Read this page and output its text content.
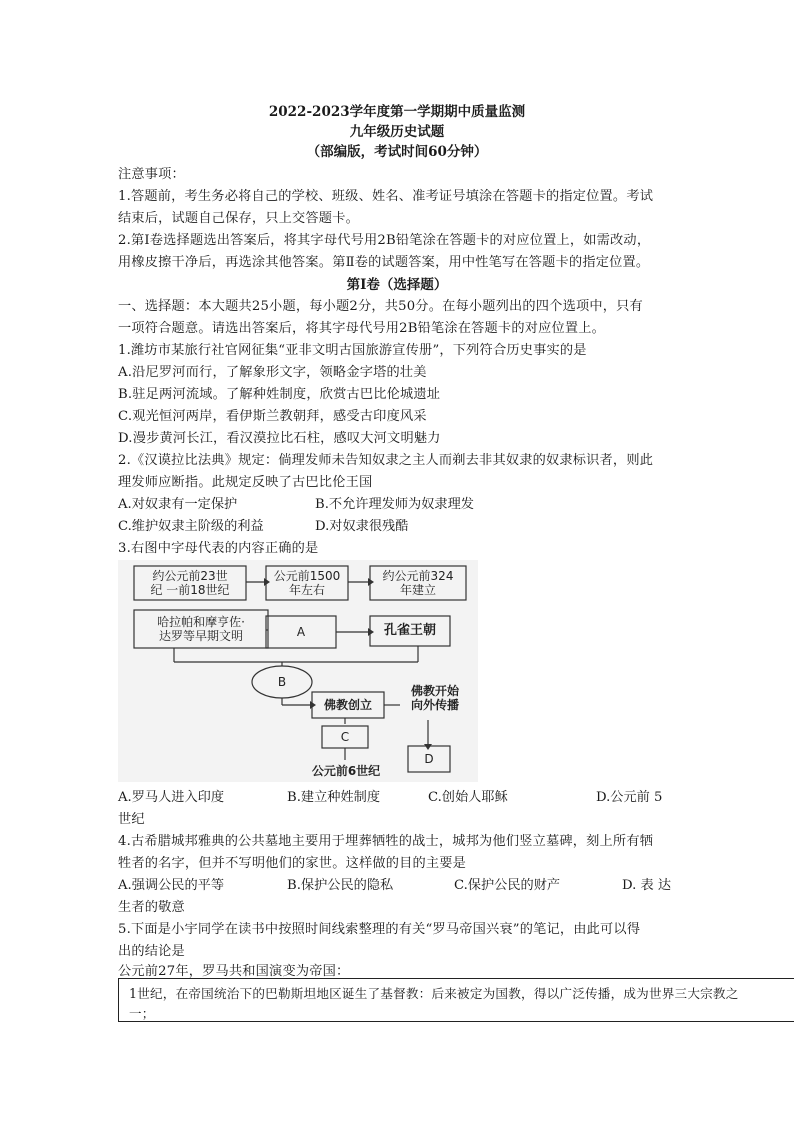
2022-2023学年度第一学期期中质量监测
九年级历史试题
（部编版，考试时间60分钟）
注意事项：
1.答题前，考生务必将自己的学校、班级、姓名、准考证号填涂在答题卡的指定位置。考试
结束后，试题自己保存，只上交答题卡。
2.第Ⅰ卷选择题选出答案后，将其字母代号用2B铅笔涂在答题卡的对应位置上，如需改动，
用橡皮擦干净后，再选涂其他答案。第Ⅱ卷的试题答案，用中性笔写在答题卡的指定位置。
第Ⅰ卷（选择题）
一、选择题：本大题共25小题，每小题2分，共50分。在每小题列出的四个选项中，只有
一项符合题意。请选出答案后，将其字母代号用2B铅笔涂在答题卡的对应位置上。
1.潍坊市某旅行社官网征集“亚非文明古国旅游宣传册”，下列符合历史事实的是
A.沿尼罗河而行，了解象形文字，领略金字塔的壮美
B.驻足两河流域。了解种姓制度，欣赏古巴比伦城遗址
C.观光恒河两岸，看伊斯兰教朝拜，感受古印度风采
D.漫步黄河长江，看汉漠拉比石柱，感叹大河文明魅力
2.《汉谟拉比法典》规定：倘理发师未告知奴隶之主人而剃去非其奴隶的奴隶标识者，则此
理发师应断指。此规定反映了古巴比伦王国
A.对奴隶有一定保护	B.不允许理发师为奴隶理发
C.维护奴隶主阶级的利益	D.对奴隶很残酷
3.右图中字母代表的内容正确的是
约公元前23世
纪 一前18世纪
公元前1500
年左右
约公元前324
年建立
哈拉帕和摩亨佐·
达罗等早期文明	A	孔雀王朝
B
佛教创立
佛教开始
向外传播
C
公元前6世纪
D
A.罗马人进入印度	B.建立种姓制度	C.创始人耶稣	D.公元前 5
世纪
4.古希腊城邦雅典的公共墓地主要用于埋葬牺牲的战士，城邦为他们竖立墓碑，刻上所有牺
牲者的名字，但并不写明他们的家世。这样做的目的主要是
A.强调公民的平等	B.保护公民的隐私	C.保护公民的财产	D. 表 达
生者的敬意
5.下面是小宇同学在读书中按照时间线索整理的有关“罗马帝国兴衰”的笔记，由此可以得
出的结论是
公元前27年，罗马共和国演变为帝国：
1世纪，在帝国统治下的巴勒斯坦地区诞生了基督教：后来被定为国教，得以广泛传播，成为世界三大宗教之
一；
